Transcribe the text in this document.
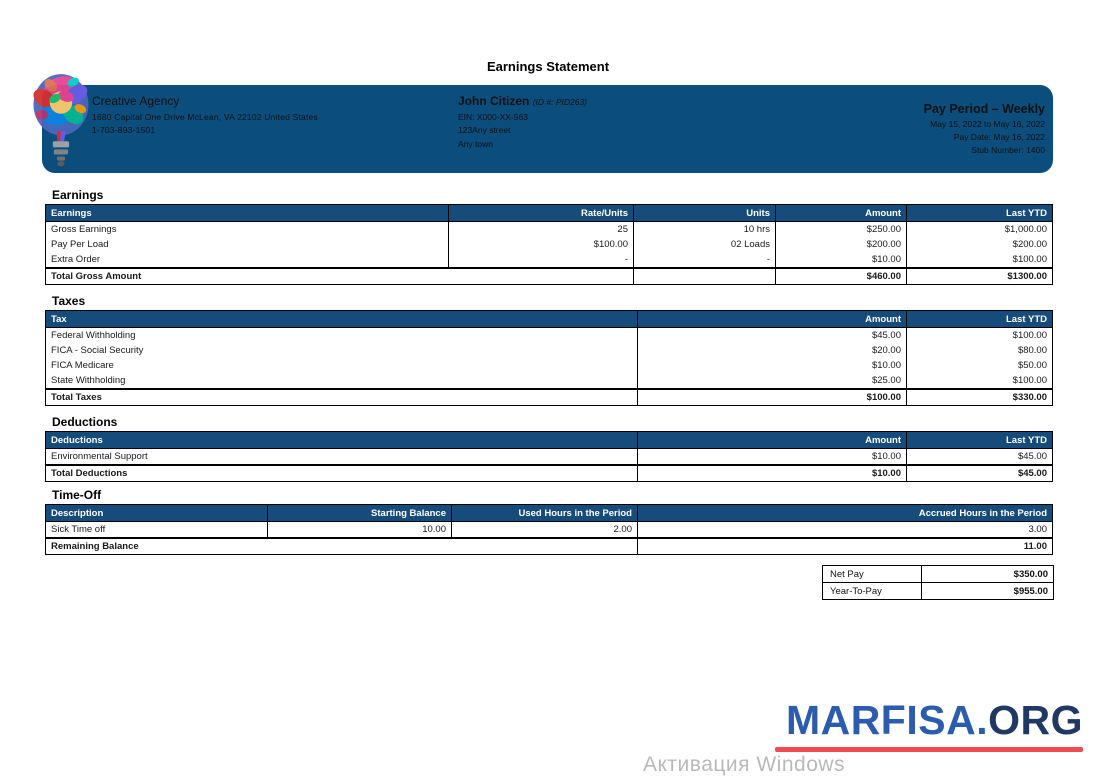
Earnings Statement
Creative Agency
1680 Capital One Drive McLean, VA 22102 United States
1-703-893-1501
John Citizen (ID #: PID263)
EIN: X000-XX-563
123Any street
Any town
Pay Period – Weekly
May 15, 2022 to May 16, 2022
Pay Date: May 16, 2022
Stub Number: 1400
Earnings
Earnings	Rate/Units	Units	Amount	Last YTD
Gross Earnings	25	10 hrs	$250.00	$1,000.00
Pay Per Load	$100.00	02 Loads	$200.00	$200.00
Extra Order	-	-	$10.00	$100.00
Total Gross Amount			$460.00	$1300.00
Taxes
Tax	Amount	Last YTD
Federal Withholding	$45.00	$100.00
FICA - Social Security	$20.00	$80.00
FICA Medicare	$10.00	$50.00
State Withholding	$25.00	$100.00
Total Taxes	$100.00	$330.00
Deductions
Deductions	Amount	Last YTD
Environmental Support	$10.00	$45.00
Total Deductions	$10.00	$45.00
Time-Off
Description	Starting Balance	Used Hours in the Period	Accrued Hours in the Period
Sick Time off	10.00	2.00	3.00
Remaining Balance			11.00
Net Pay	$350.00
Year-To-Pay	$955.00
MARFISA.ORG
Активация Windows
